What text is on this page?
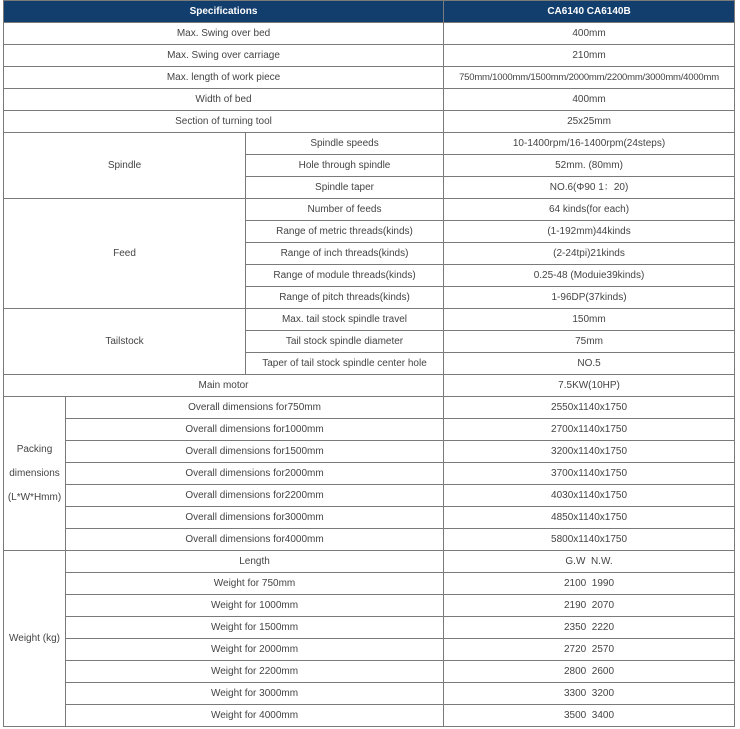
Specifications			CA6140 CA6140B
Max. Swing over bed			400mm
Max. Swing over carriage			210mm
Max. length of work piece			750mm/1000mm/1500mm/2000mm/2200mm/3000mm/4000mm
Width of bed			400mm
Section of turning tool			25x25mm
Spindle		Spindle speeds	10-1400rpm/16-1400rpm(24steps)
		Hole through spindle	52mm. (80mm)
		Spindle taper	NO.6(Φ90 1：20)
Feed		Number of feeds	64 kinds(for each)
		Range of metric threads(kinds)	(1-192mm)44kinds
		Range of inch threads(kinds)	(2-24tpi)21kinds
		Range of module threads(kinds)	0.25-48 (Moduie39kinds)
		Range of pitch threads(kinds)	1-96DP(37kinds)
Tailstock		Max. tail stock spindle travel	150mm
		Tail stock spindle diameter	75mm
		Taper of tail stock spindle center hole	NO.5
Main motor			7.5KW(10HP)
Packing dimensions (L*W*Hmm)	Overall dimensions for750mm		2550x1140x1750
	Overall dimensions for1000mm		2700x1140x1750
	Overall dimensions for1500mm		3200x1140x1750
	Overall dimensions for2000mm		3700x1140x1750
	Overall dimensions for2200mm		4030x1140x1750
	Overall dimensions for3000mm		4850x1140x1750
	Overall dimensions for4000mm		5800x1140x1750
Weight (kg)	Length		G.W  N.W.
	Weight for 750mm		2100  1990
	Weight for 1000mm		2190  2070
	Weight for 1500mm		2350  2220
	Weight for 2000mm		2720  2570
	Weight for 2200mm		2800  2600
	Weight for 3000mm		3300  3200
	Weight for 4000mm		3500  3400
